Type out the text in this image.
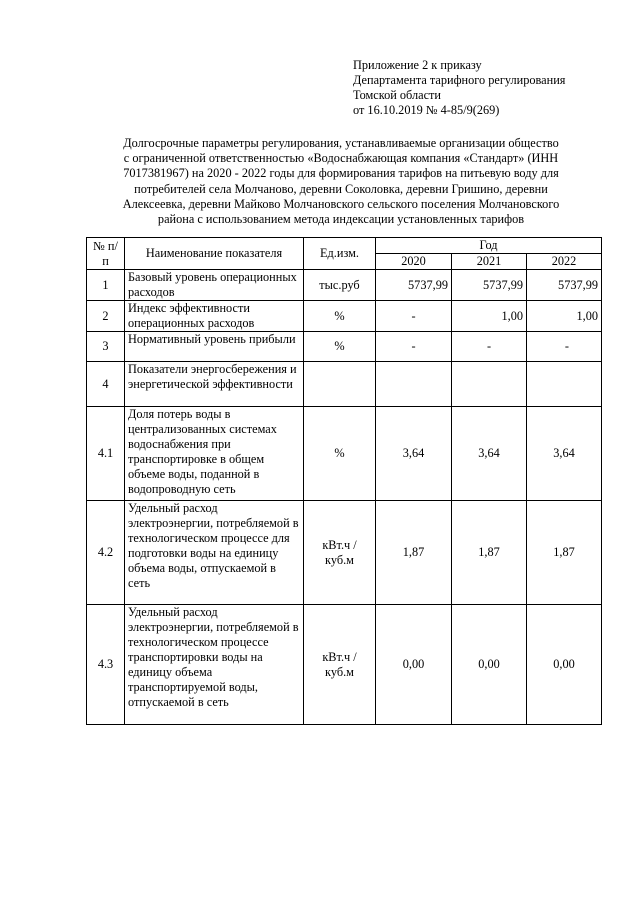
Приложение 2 к приказу
Департамента тарифного регулирования
Томской области
от 16.10.2019 № 4-85/9(269)
Долгосрочные параметры регулирования, устанавливаемые организации общество
с ограниченной ответственностью «Водоснабжающая компания «Стандарт» (ИНН
7017381967) на 2020 - 2022 годы для формирования тарифов на питьевую воду для
потребителей села Молчаново, деревни Соколовка, деревни Гришино, деревни
Алексеевка, деревни Майково Молчановского сельского поселения Молчановского
района с использованием метода индексации установленных тарифов
№ п/п	Наименование показателя	Ед.изм.	Год		
			2020	2021	2022
1	Базовый уровень операционных расходов	тыс.руб	5737,99	5737,99	5737,99
2	Индекс эффективности операционных расходов	%	-	1,00	1,00
3	Нормативный уровень прибыли	%	-	-	-
4	Показатели энергосбережения и энергетической эффективности				
4.1	Доля потерь воды в централизованных системах водоснабжения при транспортировке в общем объеме воды, поданной в водопроводную сеть	%	3,64	3,64	3,64
4.2	Удельный расход электроэнергии, потребляемой в технологическом процессе для подготовки воды на единицу объема воды, отпускаемой в сеть	кВт.ч / куб.м	1,87	1,87	1,87
4.3	Удельный расход электроэнергии, потребляемой в технологическом процессе транспортировки воды на единицу объема транспортируемой воды, отпускаемой в сеть	кВт.ч / куб.м	0,00	0,00	0,00
